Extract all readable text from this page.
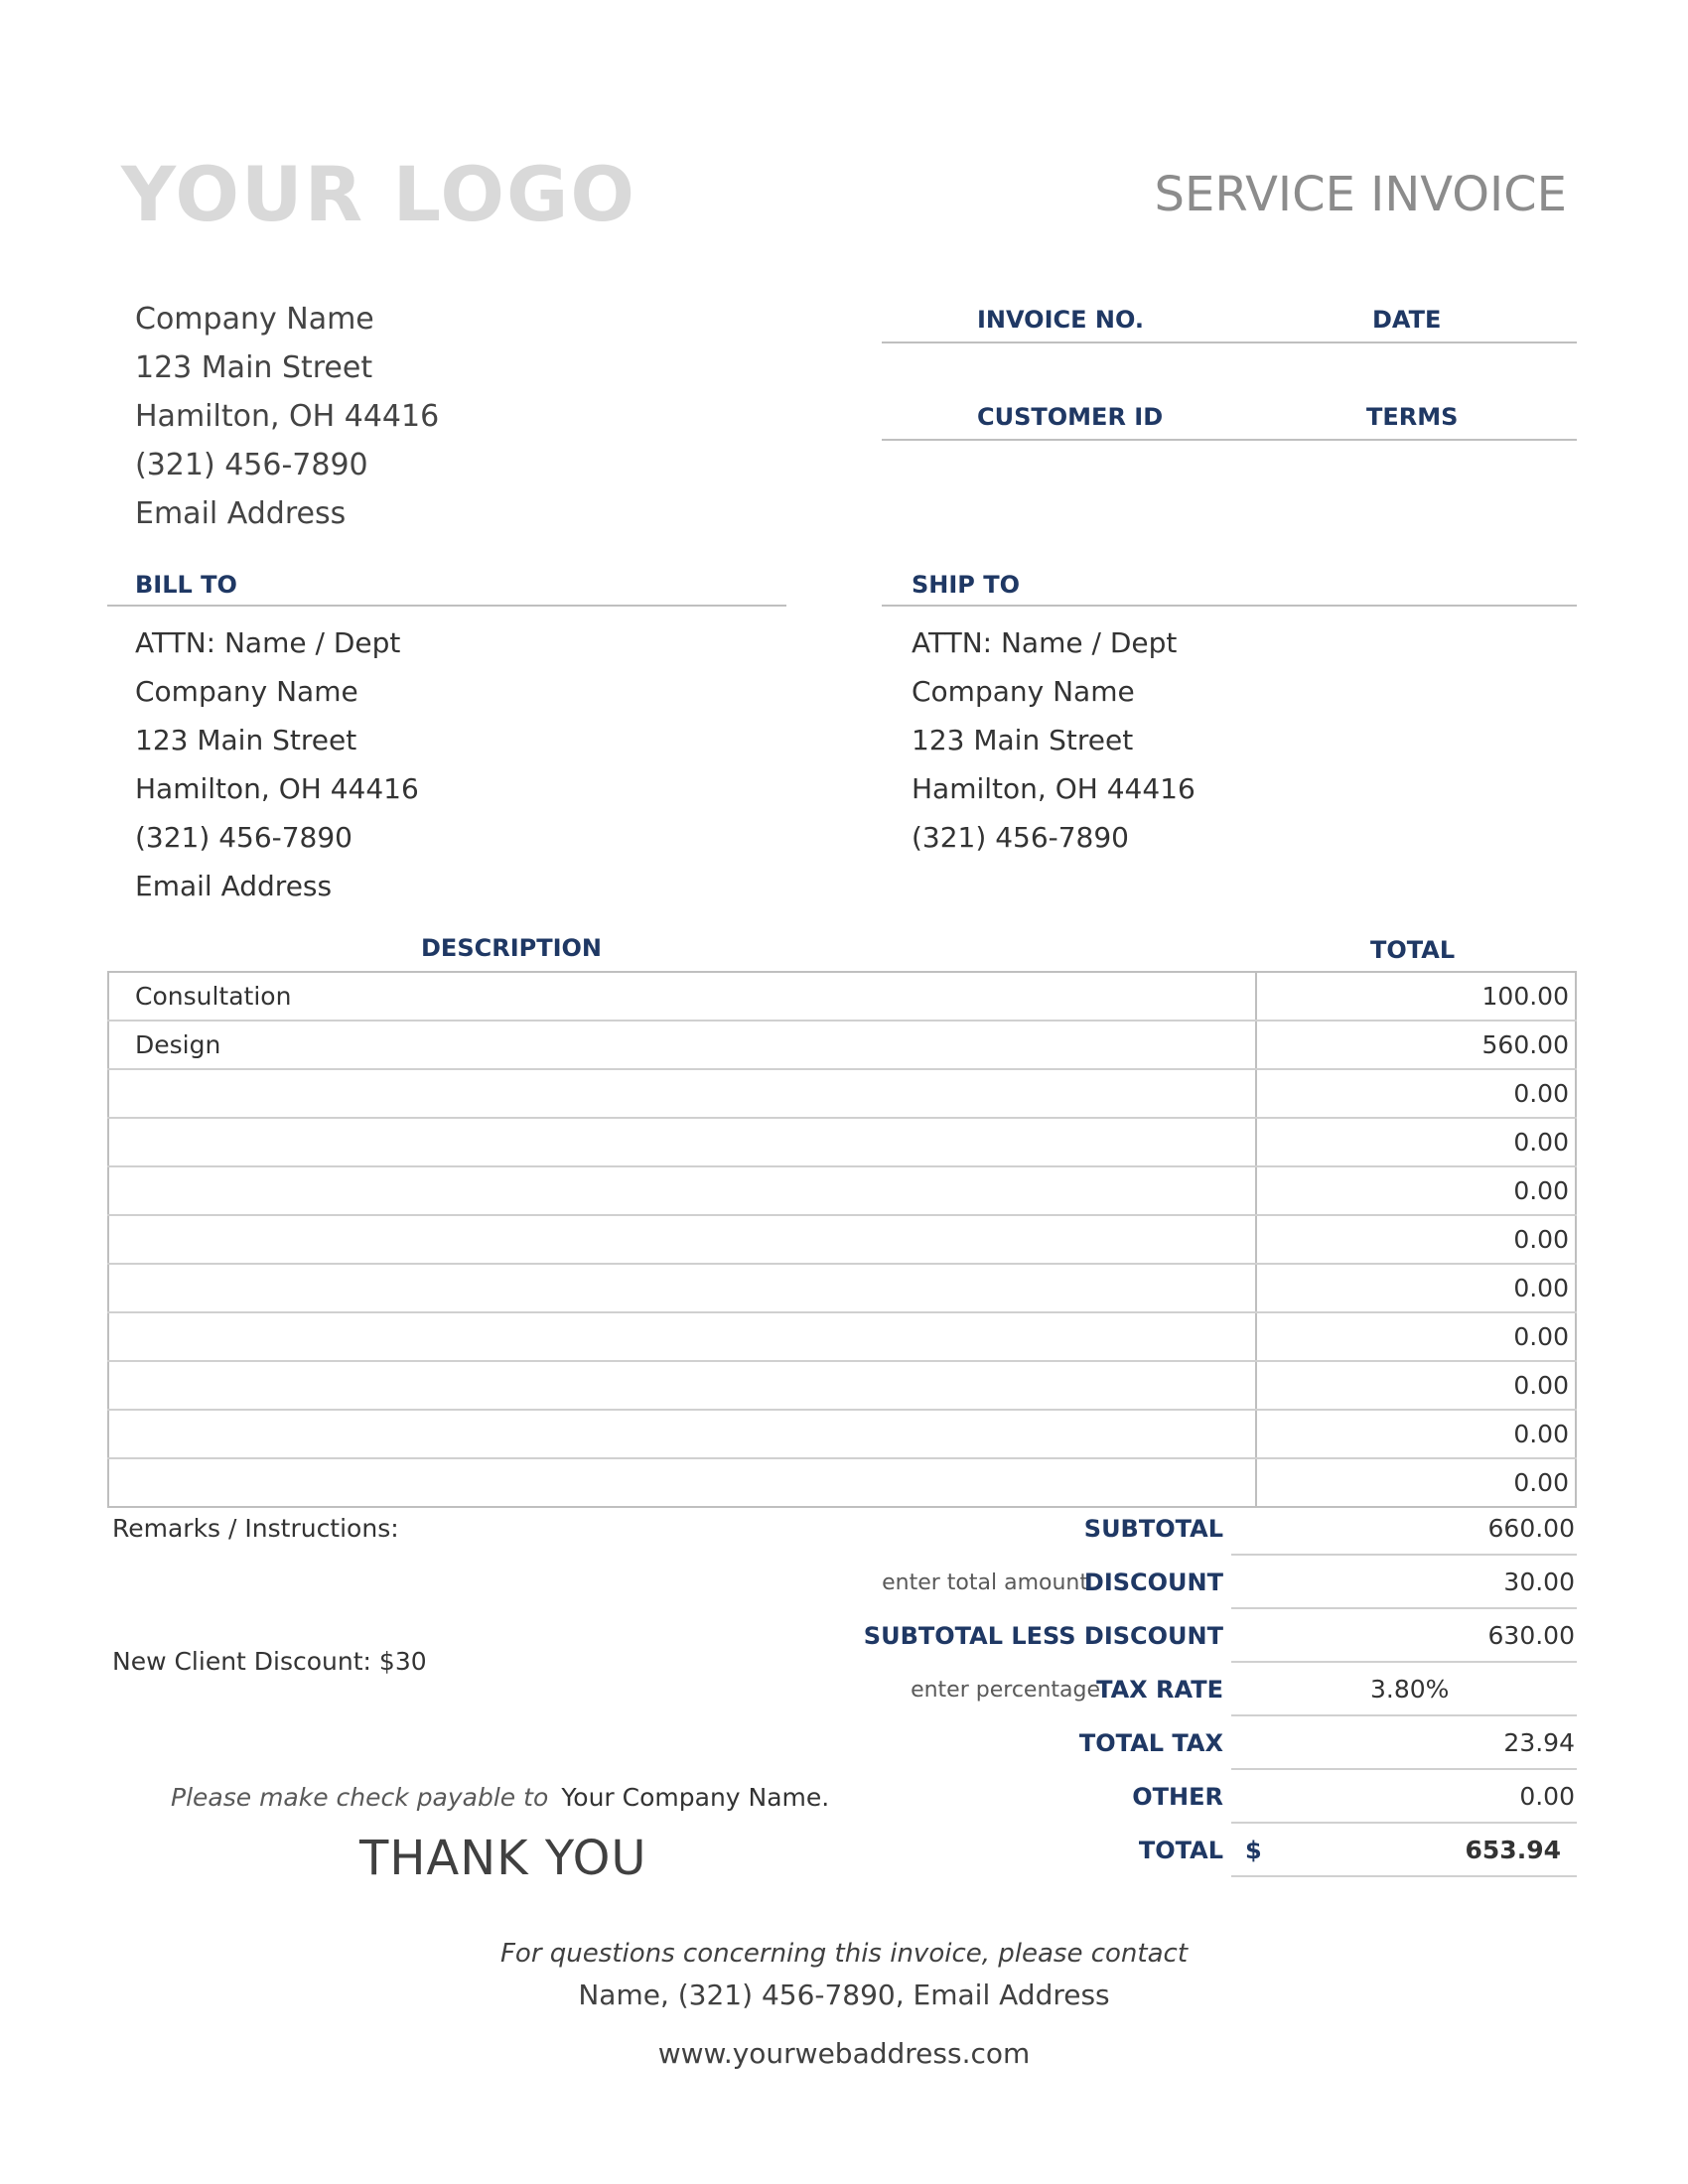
YOUR LOGO	SERVICE INVOICE
Company Name
123 Main Street
Hamilton, OH 44416
(321) 456-7890
Email Address
INVOICE NO.	DATE
CUSTOMER ID	TERMS
BILL TO
ATTN: Name / Dept
Company Name
123 Main Street
Hamilton, OH 44416
(321) 456-7890
Email Address
SHIP TO
ATTN: Name / Dept
Company Name
123 Main Street
Hamilton, OH 44416
(321) 456-7890
DESCRIPTION	TOTAL
Consultation	100.00
Design	560.00
	0.00
	0.00
	0.00
	0.00
	0.00
	0.00
	0.00
	0.00
	0.00
Remarks / Instructions:
New Client Discount: $30
SUBTOTAL	660.00
enter total amount
DISCOUNT	30.00
SUBTOTAL LESS DISCOUNT	630.00
enter percentage
TAX RATE	3.80%
TOTAL TAX	23.94
OTHER	0.00
TOTAL $	653.94
Please make check payable to Your Company Name.
THANK YOU
For questions concerning this invoice, please contact
Name, (321) 456-7890, Email Address
www.yourwebaddress.com
